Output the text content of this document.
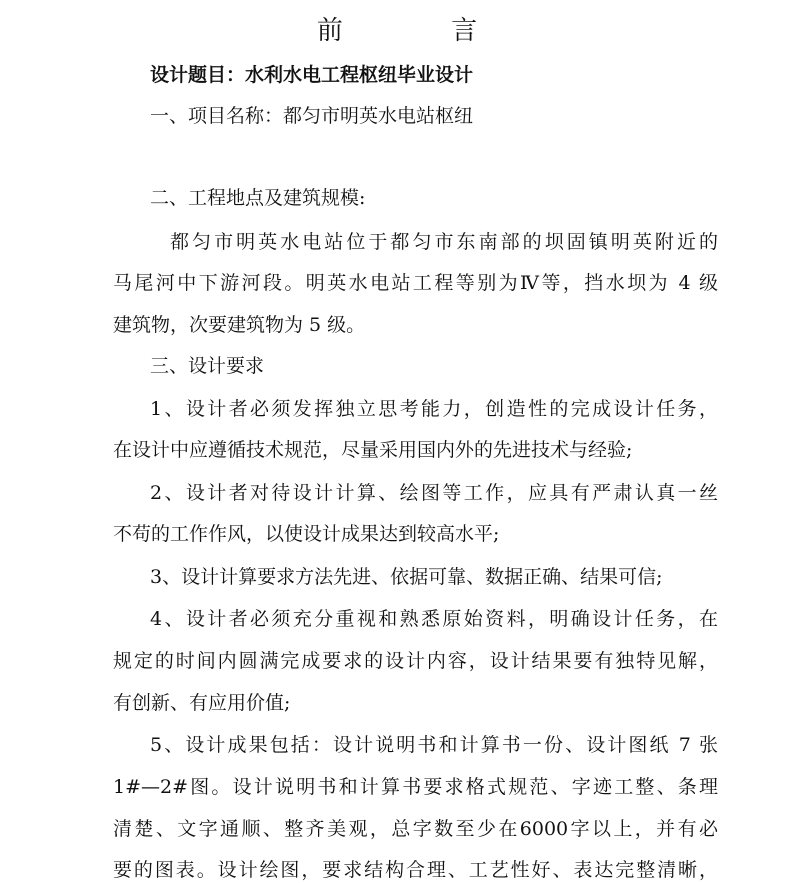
前 言
设计题目：水利水电工程枢纽毕业设计
一、项目名称：都匀市明英水电站枢纽
二、工程地点及建筑规模:
都匀市明英水电站位于都匀市东南部的坝固镇明英附近的
马尾河中下游河段。明英水电站工程等别为Ⅳ等，挡水坝为 4 级
建筑物，次要建筑物为 5 级。
三、设计要求
1、设计者必须发挥独立思考能力，创造性的完成设计任务，
在设计中应遵循技术规范，尽量采用国内外的先进技术与经验;
2、设计者对待设计计算、绘图等工作，应具有严肃认真一丝
不苟的工作作风，以使设计成果达到较高水平;
3、设计计算要求方法先进、依据可靠、数据正确、结果可信;
4、设计者必须充分重视和熟悉原始资料，明确设计任务，在
规定的时间内圆满完成要求的设计内容，设计结果要有独特见解，
有创新、有应用价值;
5、设计成果包括：设计说明书和计算书一份、设计图纸 7 张
1#—2#图。设计说明书和计算书要求格式规范、字迹工整、条理
清楚、文字通顺、整齐美观，总字数至少在6000字以上，并有必
要的图表。设计绘图，要求结构合理、工艺性好、表达完整清晰，
